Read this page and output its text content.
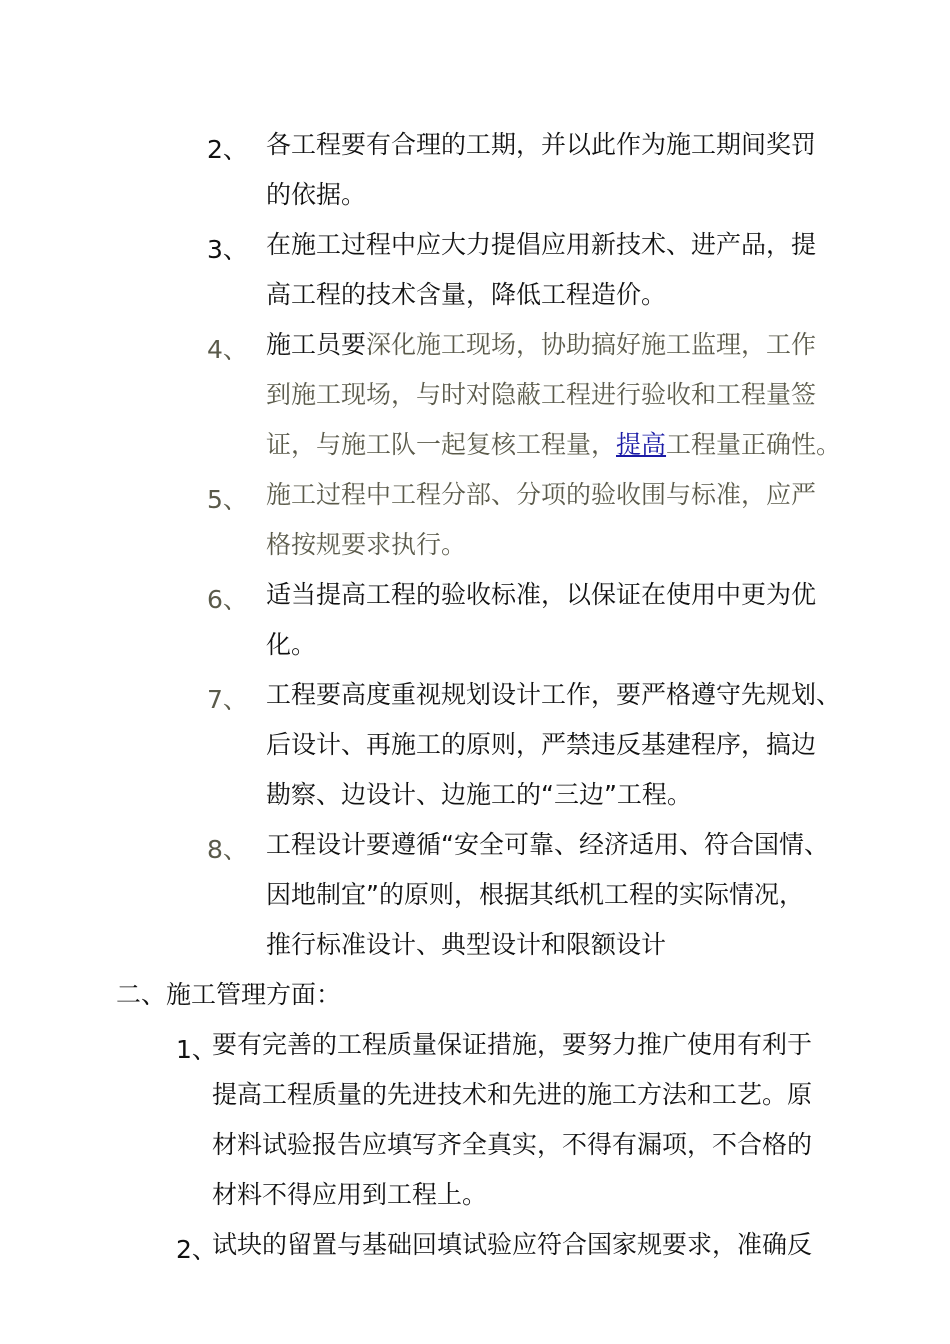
2、 各工程要有合理的工期，并以此作为施工期间奖罚
的依据。
3、 在施工过程中应大力提倡应用新技术、进产品，提
高工程的技术含量，降低工程造价。
4、 施工员要深化施工现场，协助搞好施工监理，工作
到施工现场，与时对隐蔽工程进行验收和工程量签
证，与施工队一起复核工程量，提高工程量正确性。
5、 施工过程中工程分部、分项的验收围与标准，应严
格按规要求执行。
6、 适当提高工程的验收标准，以保证在使用中更为优
化。
7、 工程要高度重视规划设计工作，要严格遵守先规划、
后设计、再施工的原则，严禁违反基建程序，搞边
勘察、边设计、边施工的“三边”工程。
8、 工程设计要遵循“安全可靠、经济适用、符合国情、
因地制宜”的原则，根据其纸机工程的实际情况，
推行标准设计、典型设计和限额设计
二、施工管理方面：
1、
要有完善的工程质量保证措施，要努力推广使用有利于
提高工程质量的先进技术和先进的施工方法和工艺。原
材料试验报告应填写齐全真实，不得有漏项，不合格的
材料不得应用到工程上。
2、
试块的留置与基础回填试验应符合国家规要求，准确反
